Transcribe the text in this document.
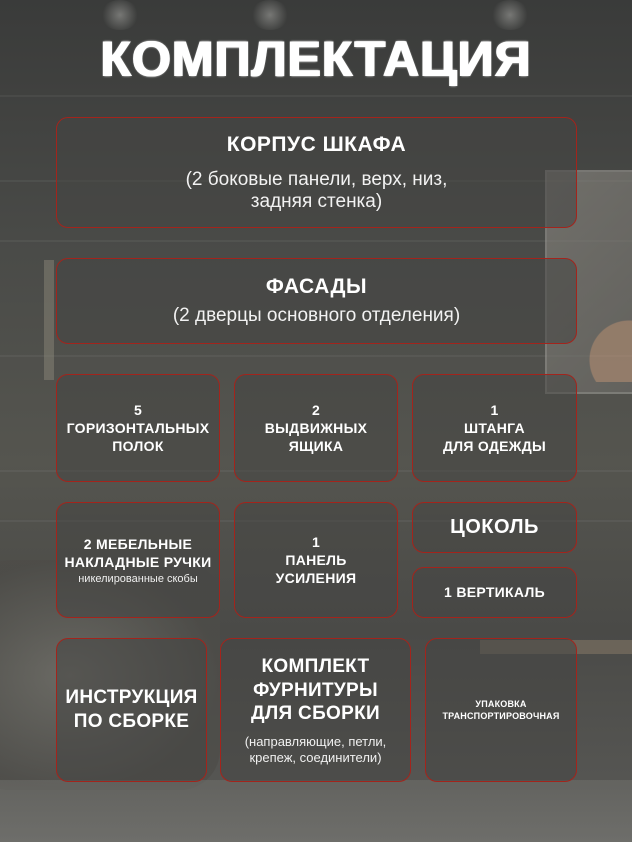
КОМПЛЕКТАЦИЯ
КОРПУС ШКАФА
(2 боковые панели, верх, низ,
задняя стенка)
ФАСАДЫ
(2 дверцы основного отделения)
5
ГОРИЗОНТАЛЬНЫХ
ПОЛОК
2
ВЫДВИЖНЫХ
ЯЩИКА
1
ШТАНГА
ДЛЯ ОДЕЖДЫ
2 МЕБЕЛЬНЫЕ
НАКЛАДНЫЕ РУЧКИ
никелированные скобы
1
ПАНЕЛЬ
УСИЛЕНИЯ
ЦОКОЛЬ
1 ВЕРТИКАЛЬ
ИНСТРУКЦИЯ
ПО СБОРКЕ
КОМПЛЕКТ
ФУРНИТУРЫ
ДЛЯ СБОРКИ
(направляющие, петли,
крепеж, соединители)
УПАКОВКА
ТРАНСПОРТИРОВОЧНАЯ
